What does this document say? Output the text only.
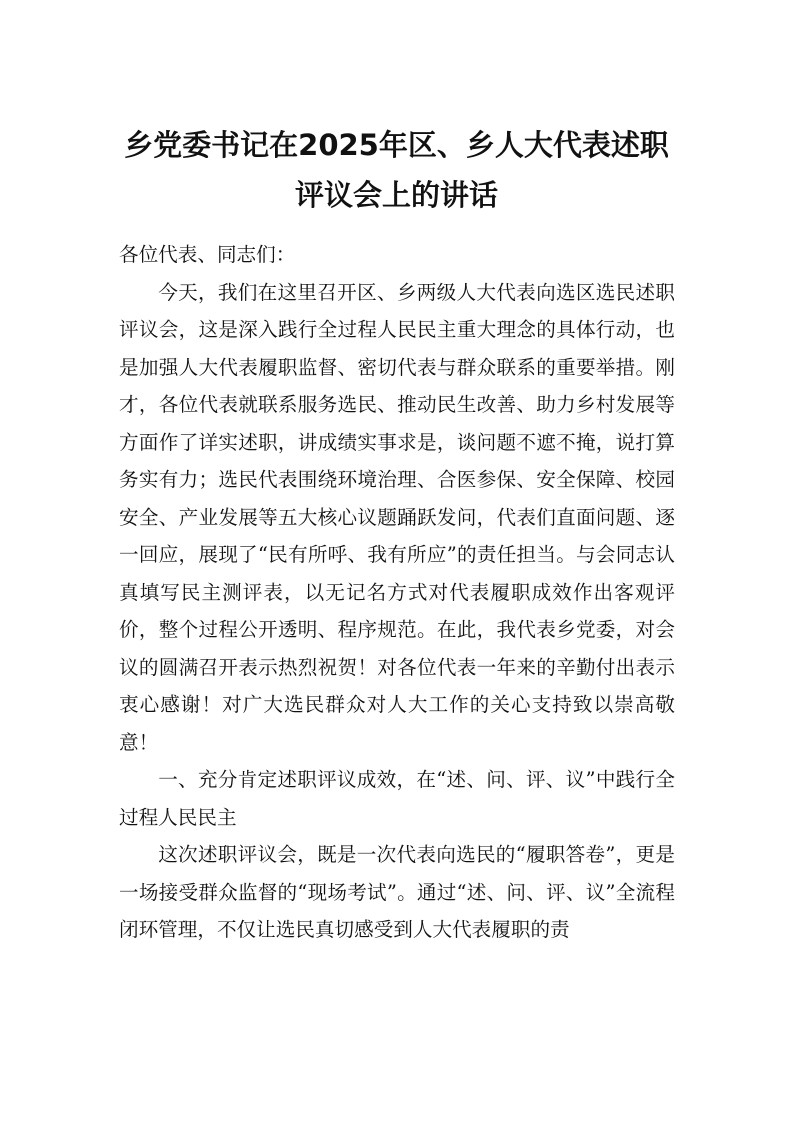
乡党委书记在2025年区、乡人大代表述职
评议会上的讲话

各位代表、同志们：

今天，我们在这里召开区、乡两级人大代表向选区选民述职评议会，这是深入践行全过程人民民主重大理念的具体行动，也是加强人大代表履职监督、密切代表与群众联系的重要举措。刚才，各位代表就联系服务选民、推动民生改善、助力乡村发展等方面作了详实述职，讲成绩实事求是，谈问题不遮不掩，说打算务实有力；选民代表围绕环境治理、合医参保、安全保障、校园安全、产业发展等五大核心议题踊跃发问，代表们直面问题、逐一回应，展现了“民有所呼、我有所应”的责任担当。与会同志认真填写民主测评表，以无记名方式对代表履职成效作出客观评价，整个过程公开透明、程序规范。在此，我代表乡党委，对会议的圆满召开表示热烈祝贺！对各位代表一年来的辛勤付出表示衷心感谢！对广大选民群众对人大工作的关心支持致以崇高敬意！

一、充分肯定述职评议成效，在“述、问、评、议”中践行全过程人民民主

这次述职评议会，既是一次代表向选民的“履职答卷”，更是一场接受群众监督的“现场考试”。通过“述、问、评、议”全流程闭环管理，不仅让选民真切感受到人大代表履职的责
